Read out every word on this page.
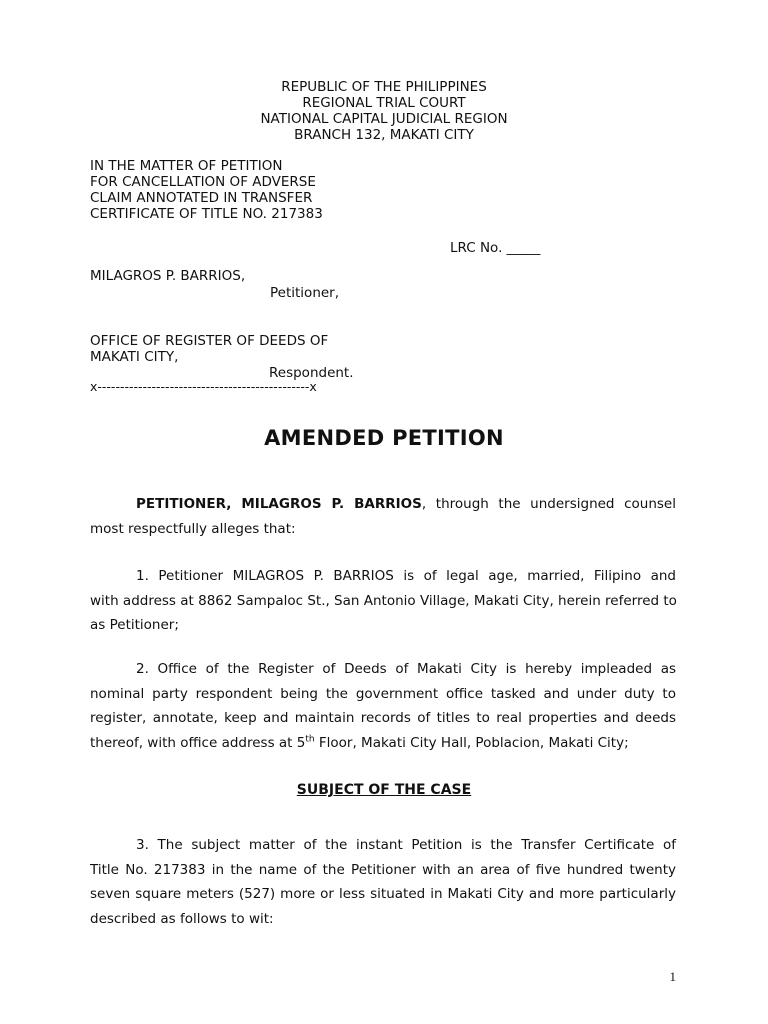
REPUBLIC OF THE PHILIPPINES
REGIONAL TRIAL COURT
NATIONAL CAPITAL JUDICIAL REGION
BRANCH 132, MAKATI CITY
IN THE MATTER OF PETITION
FOR CANCELLATION OF ADVERSE
CLAIM ANNOTATED IN TRANSFER
CERTIFICATE OF TITLE NO. 217383
LRC No. _____
MILAGROS P. BARRIOS,
Petitioner,
OFFICE OF REGISTER OF DEEDS OF
MAKATI CITY,
Respondent.
x-----------------------------------------------x
AMENDED PETITION
PETITIONER, MILAGROS P. BARRIOS, through the undersigned counsel
most respectfully alleges that:
1. Petitioner MILAGROS P. BARRIOS is of legal age, married, Filipino and
with address at 8862 Sampaloc St., San Antonio Village, Makati City, herein referred to
as Petitioner;
2. Office of the Register of Deeds of Makati City is hereby impleaded as
nominal party respondent being the government office tasked and under duty to
register, annotate, keep and maintain records of titles to real properties and deeds
thereof, with office address at 5th Floor, Makati City Hall, Poblacion, Makati City;
SUBJECT OF THE CASE
3. The subject matter of the instant Petition is the Transfer Certificate of
Title No. 217383 in the name of the Petitioner with an area of five hundred twenty
seven square meters (527) more or less situated in Makati City and more particularly
described as follows to wit:
1
